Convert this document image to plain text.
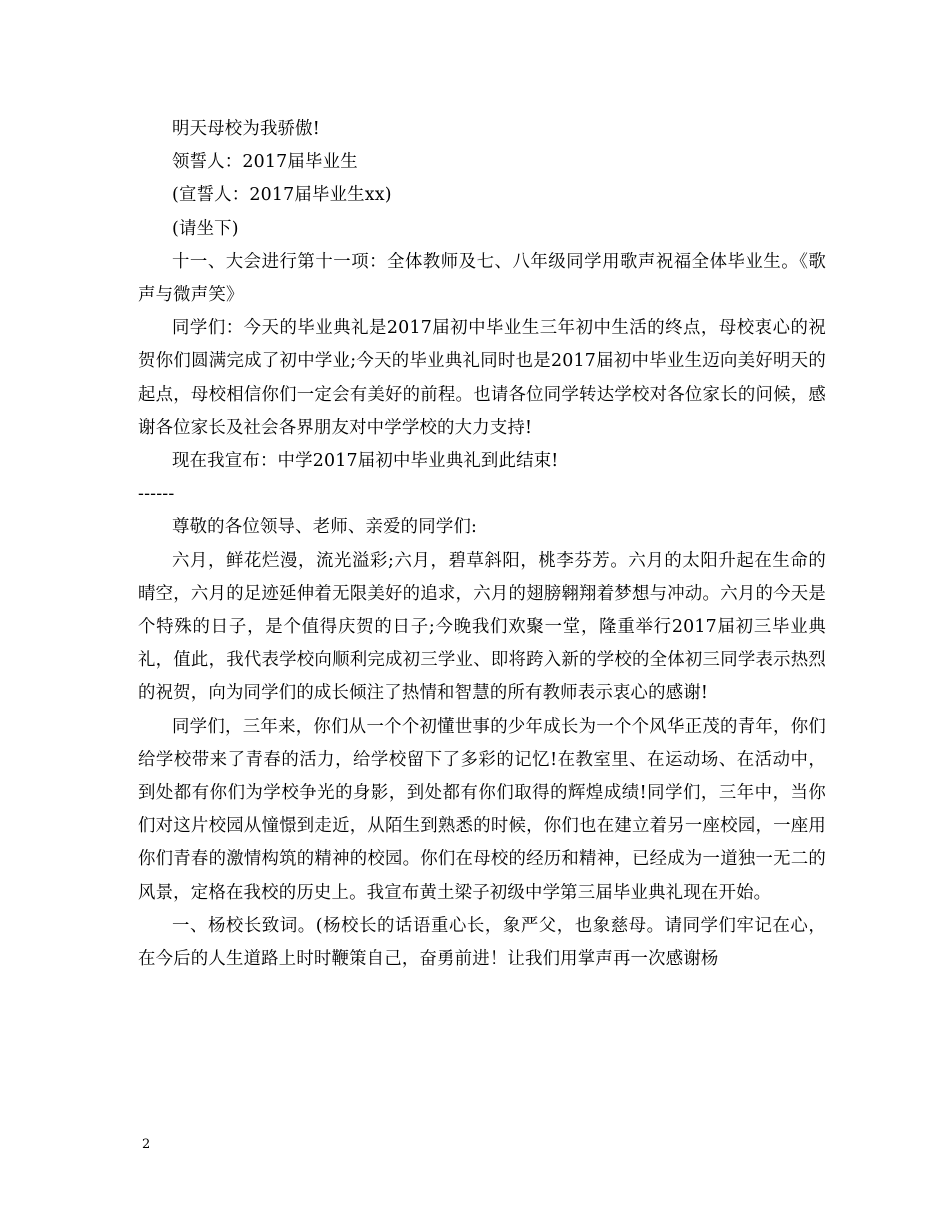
明天母校为我骄傲!

领誓人：2017届毕业生

(宣誓人：2017届毕业生xx)

(请坐下)

十一、大会进行第十一项：全体教师及七、八年级同学用歌声祝福全体毕业生。《歌声与微声笑》

同学们：今天的毕业典礼是2017届初中毕业生三年初中生活的终点，母校衷心的祝贺你们圆满完成了初中学业;今天的毕业典礼同时也是2017届初中毕业生迈向美好明天的起点，母校相信你们一定会有美好的前程。也请各位同学转达学校对各位家长的问候，感谢各位家长及社会各界朋友对中学学校的大力支持!

现在我宣布：中学2017届初中毕业典礼到此结束!

------

尊敬的各位领导、老师、亲爱的同学们:

六月，鲜花烂漫，流光溢彩;六月，碧草斜阳，桃李芬芳。六月的太阳升起在生命的晴空，六月的足迹延伸着无限美好的追求，六月的翅膀翱翔着梦想与冲动。六月的今天是个特殊的日子，是个值得庆贺的日子;今晚我们欢聚一堂，隆重举行2017届初三毕业典礼，值此，我代表学校向顺利完成初三学业、即将跨入新的学校的全体初三同学表示热烈的祝贺，向为同学们的成长倾注了热情和智慧的所有教师表示衷心的感谢!

同学们，三年来，你们从一个个初懂世事的少年成长为一个个风华正茂的青年，你们给学校带来了青春的活力，给学校留下了多彩的记忆!在教室里、在运动场、在活动中，到处都有你们为学校争光的身影，到处都有你们取得的辉煌成绩!同学们，三年中，当你们对这片校园从憧憬到走近，从陌生到熟悉的时候，你们也在建立着另一座校园，一座用你们青春的激情构筑的精神的校园。你们在母校的经历和精神，已经成为一道独一无二的风景，定格在我校的历史上。我宣布黄土梁子初级中学第三届毕业典礼现在开始。

一、杨校长致词。(杨校长的话语重心长，象严父，也象慈母。请同学们牢记在心，在今后的人生道路上时时鞭策自己，奋勇前进！让我们用掌声再一次感谢杨

2
